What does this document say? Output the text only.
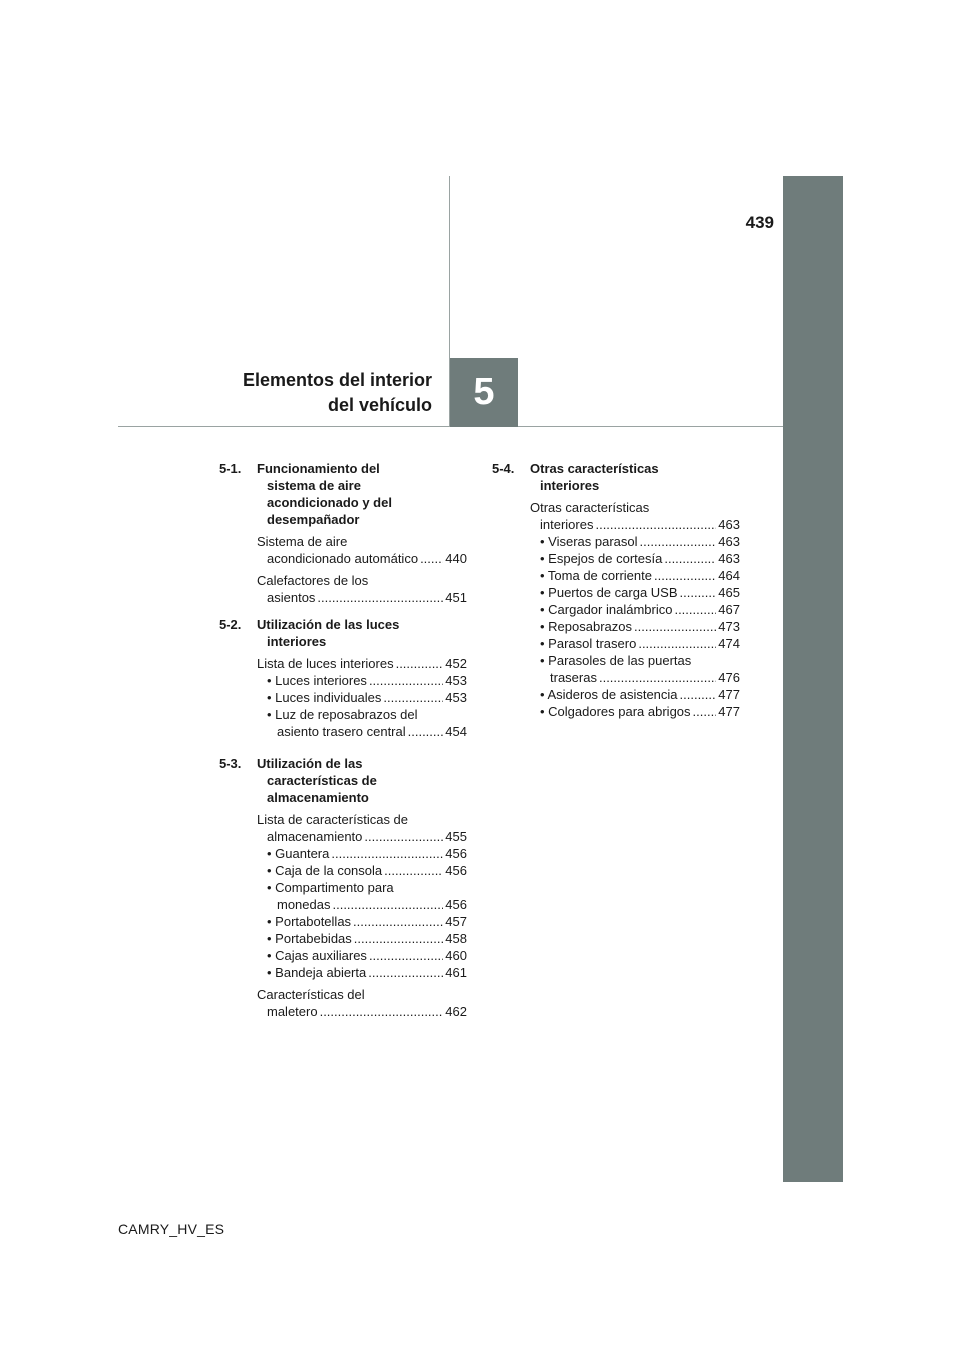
439
5
Elementos del interior
del vehículo
5-1.	Funcionamiento del
sistema de aire
acondicionado y del
desempañador
Sistema de aire
acondicionado automático ..... 440
Calefactores de los
asientos .....	451
5-2.	Utilización de las luces
interiores
Lista de luces interiores .....	452
• Luces interiores .....	453
• Luces individuales .....	453
• Luz de reposabrazos del
asiento trasero central .....	454
5-3.	Utilización de las
características de
almacenamiento
Lista de características de
almacenamiento .....	455
• Guantera .....	456
• Caja de la consola .....	456
• Compartimento para
monedas .....	456
• Portabotellas .....	457
• Portabebidas .....	458
• Cajas auxiliares .....	460
• Bandeja abierta .....	461
Características del
maletero .....	462
5-4.	Otras características
interiores
Otras características
interiores .....	463
• Viseras parasol .....	463
• Espejos de cortesía .....	463
• Toma de corriente .....	464
• Puertos de carga USB .....	465
• Cargador inalámbrico .....	467
• Reposabrazos .....	473
• Parasol trasero .....	474
• Parasoles de las puertas
traseras .....	476
• Asideros de asistencia .....	477
• Colgadores para abrigos ..... 477
CAMRY_HV_ES
